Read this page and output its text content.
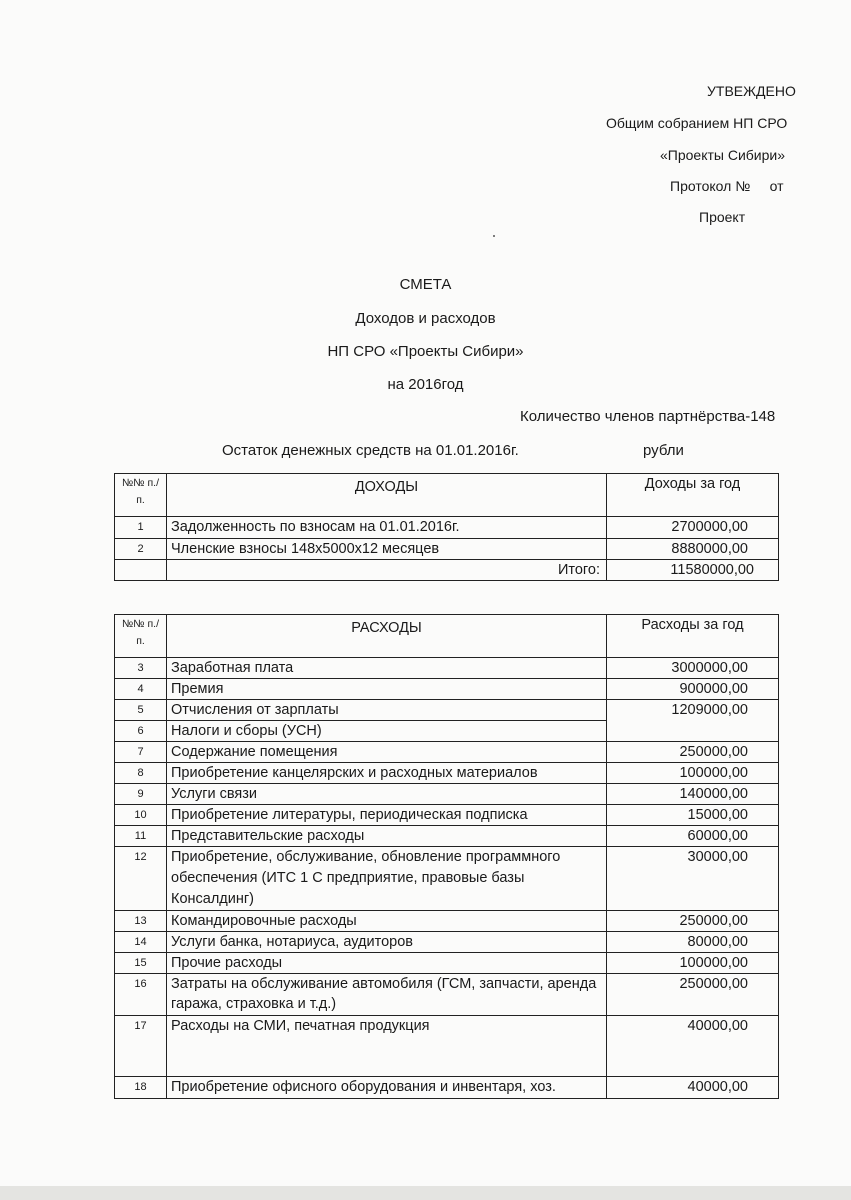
УТВЕЖДЕНО
Общим собранием НП СРО
«Проекты Сибири»
Протокол №     от
Проект
СМЕТА
Доходов и расходов
НП СРО «Проекты Сибири»
на 2016год
Количество членов партнёрства-148
Остаток денежных средств на 01.01.2016г.	рубли
№№ п./п.	ДОХОДЫ	Доходы за год
1	Задолженность по взносам на 01.01.2016г.	2700000,00
2	Членские взносы 148х5000х12 месяцев	8880000,00
	Итого:	11580000,00
№№ п./п.	РАСХОДЫ	Расходы за год
3	Заработная плата	3000000,00
4	Премия	900000,00
5	Отчисления от зарплаты	1209000,00
6	Налоги и сборы (УСН)	
7	Содержание помещения	250000,00
8	Приобретение канцелярских и расходных материалов	100000,00
9	Услуги связи	140000,00
10	Приобретение литературы, периодическая подписка	15000,00
11	Представительские расходы	60000,00
12	Приобретение, обслуживание, обновление программного обеспечения (ИТС 1 С предприятие, правовые базы Консалдинг)	30000,00
13	Командировочные расходы	250000,00
14	Услуги банка, нотариуса, аудиторов	80000,00
15	Прочие расходы	100000,00
16	Затраты на обслуживание автомобиля (ГСМ, запчасти, аренда гаража, страховка и т.д.)	250000,00
17	Расходы на СМИ, печатная продукция	40000,00
18	Приобретение офисного оборудования и инвентаря, хоз.	40000,00
